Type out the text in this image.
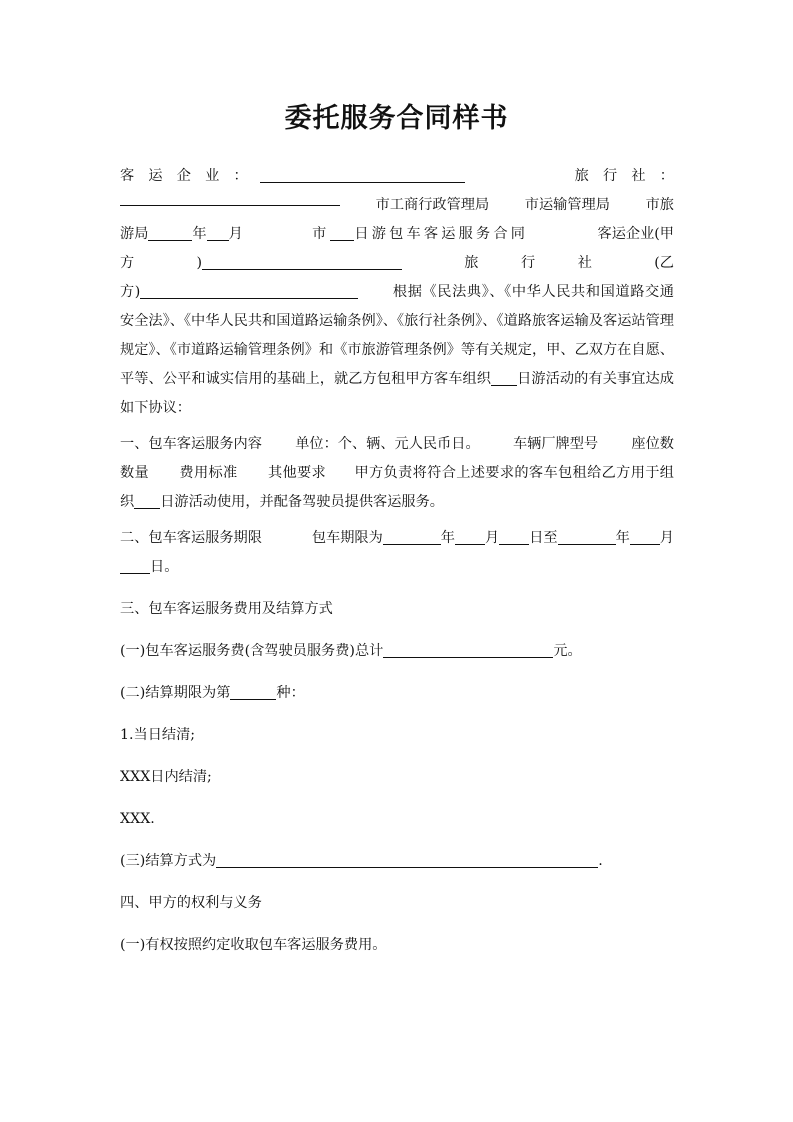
委托服务合同样书
客　运　企　业　：	旅　行　社　：
市工商行政管理局	市运输管理局	市旅
游局	年 月	市 日游包车客运服务合同	客运企业(甲
方	)	旅　　　行　　　社	(乙

方)	根据《民法典》、《中华人民共和国道路交通安全法》、《中华人民共和国道路运输条例》、《旅行社条例》、《道路旅客运输及客运站管理规定》、《市道路运输管理条例》和《市旅游管理条例》等有关规定，甲、乙双方在自愿、平等、公平和诚实信用的基础上，就乙方包租甲方客车组织 日游活动的有关事宜达成如下协议：

一、包车客运服务内容 单位：个、辆、元人民币日。 车辆厂牌型号 座位数

数量 费用标准 其他要求 甲方负责将符合上述要求的客车包租给乙方用于组织 日游活动使用，并配备驾驶员提供客运服务。

二、包车客运服务期限	包车期限为	年 月 日至	年 月
日。
三、包车客运服务费用及结算方式
(一)包车客运服务费(含驾驶员服务费)总计	元。
(二)结算期限为第	种：
1.当日结清;
XXX日内结清;
XXX.
(三)结算方式为	.
四、甲方的权利与义务
(一)有权按照约定收取包车客运服务费用。
